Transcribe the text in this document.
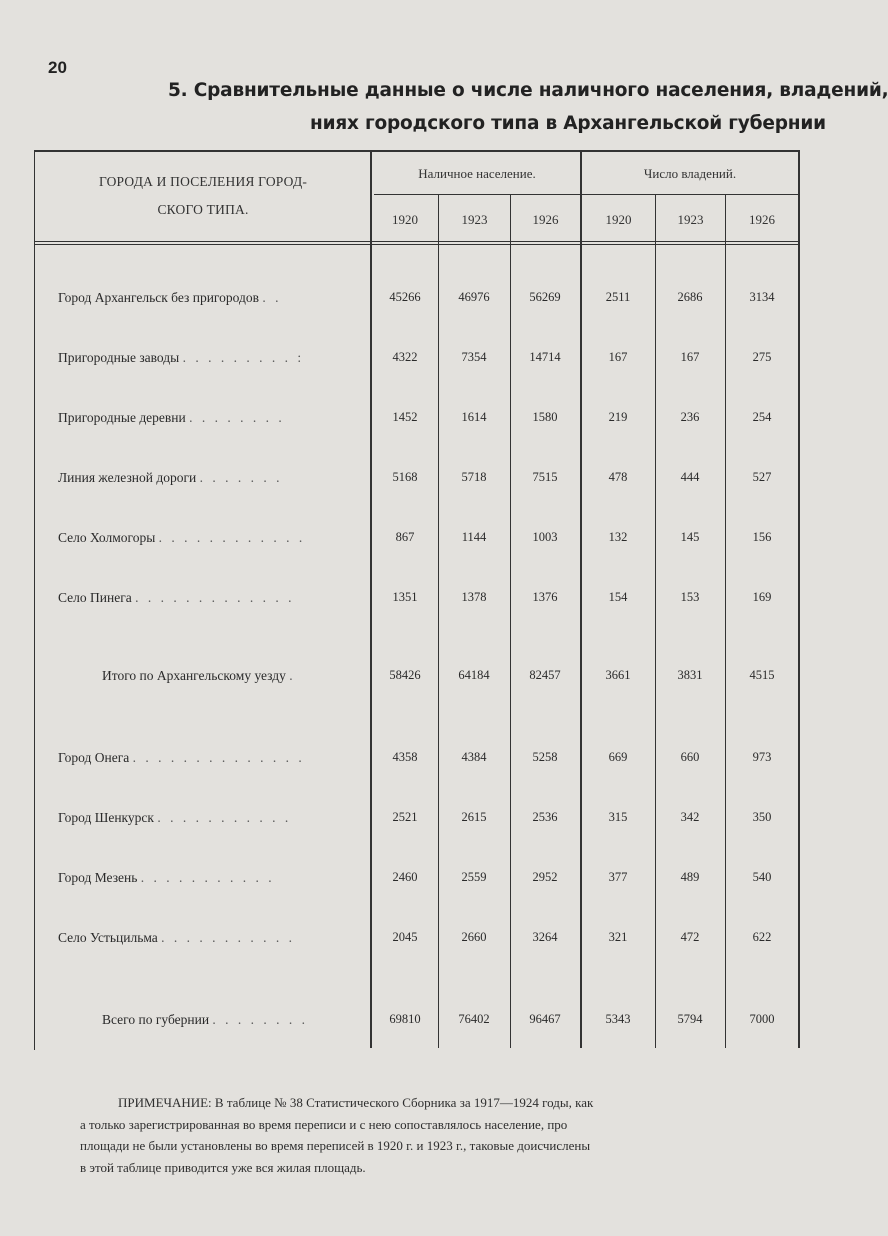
20
5. Сравнительные данные о числе наличного населения, владений,
ниях городского типа в Архангельской губернии
ГОРОДА И ПОСЕЛЕНИЯ ГОРОД-
СКОГО ТИПА.
Наличное население.	Число владений.
1920	1923	1926	1920	1923	1926
Город Архангельск без пригородов . .	45266	46976	56269	2511	2686	3134
Пригородные заводы . . . . . . . . . :	4322	7354	14714	167	167	275
Пригородные деревни . . . . . . . .	1452	1614	1580	219	236	254
Линия железной дороги . . . . . . .	5168	5718	7515	478	444	527
Село Холмогоры . . . . . . . . . . . .	867	1144	1003	132	145	156
Село Пинега . . . . . . . . . . . . .	1351	1378	1376	154	153	169
Итого по Архангельскому уезду .	58426	64184	82457	3661	3831	4515
Город Онега . . . . . . . . . . . . . .	4358	4384	5258	669	660	973
Город Шенкурск . . . . . . . . . . .	2521	2615	2536	315	342	350
Город Мезень . . . . . . . . . . .	2460	2559	2952	377	489	540
Село Устьцильма . . . . . . . . . . .	2045	2660	3264	321	472	622
Всего по губернии . . . . . . . .	69810	76402	96467	5343	5794	7000
ПРИМЕЧАНИЕ: В таблице № 38 Статистического Сборника за 1917—1924 годы, как
а только зарегистрированная во время переписи и с нею сопоставлялось население, про
площади не были установлены во время переписей в 1920 г. и 1923 г., таковые доисчислены
в этой таблице приводится уже вся жилая площадь.
